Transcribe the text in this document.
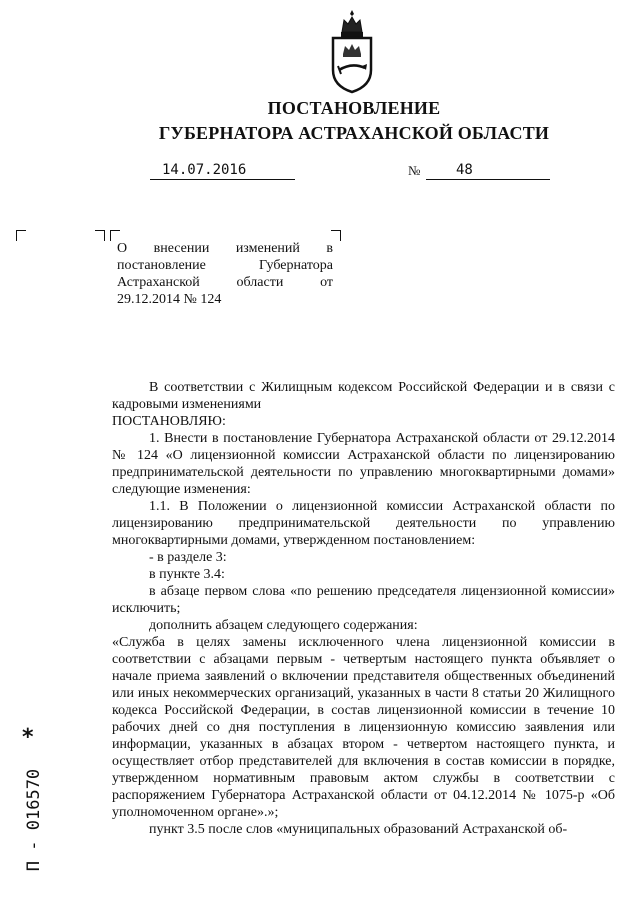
ПОСТАНОВЛЕНИЕ
ГУБЕРНАТОРА АСТРАХАНСКОЙ ОБЛАСТИ
14.07.2016	№	48
О внесении изменений в постановление Губернатора Астраханской области от 29.12.2014 № 124

В соответствии с Жилищным кодексом Российской Федерации и в связи с кадровыми изменениями

ПОСТАНОВЛЯЮ:

1. Внести в постановление Губернатора Астраханской области от 29.12.2014 № 124 «О лицензионной комиссии Астраханской области по лицензированию предпринимательской деятельности по управлению многоквартирными домами» следующие изменения:

1.1. В Положении о лицензионной комиссии Астраханской области по лицензированию предпринимательской деятельности по управлению многоквартирными домами, утвержденном постановлением:

- в разделе 3:

в пункте 3.4:

в абзаце первом слова «по решению председателя лицензионной комиссии» исключить;

дополнить абзацем следующего содержания:

«Служба в целях замены исключенного члена лицензионной комиссии в соответствии с абзацами первым - четвертым настоящего пункта объявляет о начале приема заявлений о включении представителя общественных объединений или иных некоммерческих организаций, указанных в части 8 статьи 20 Жилищного кодекса Российской Федерации, в состав лицензионной комиссии в течение 10 рабочих дней со дня поступления в лицензионную комиссию заявления или информации, указанных в абзацах втором - четвертом настоящего пункта, и осуществляет отбор представителей для включения в состав комиссии в порядке, утвержденном нормативным правовым актом службы в соответствии с распоряжением Губернатора Астраханской области от 04.12.2014 № 1075-р «Об уполномоченном органе».»;

пункт 3.5 после слов «муниципальных образований Астраханской об-

*
П - 016570
